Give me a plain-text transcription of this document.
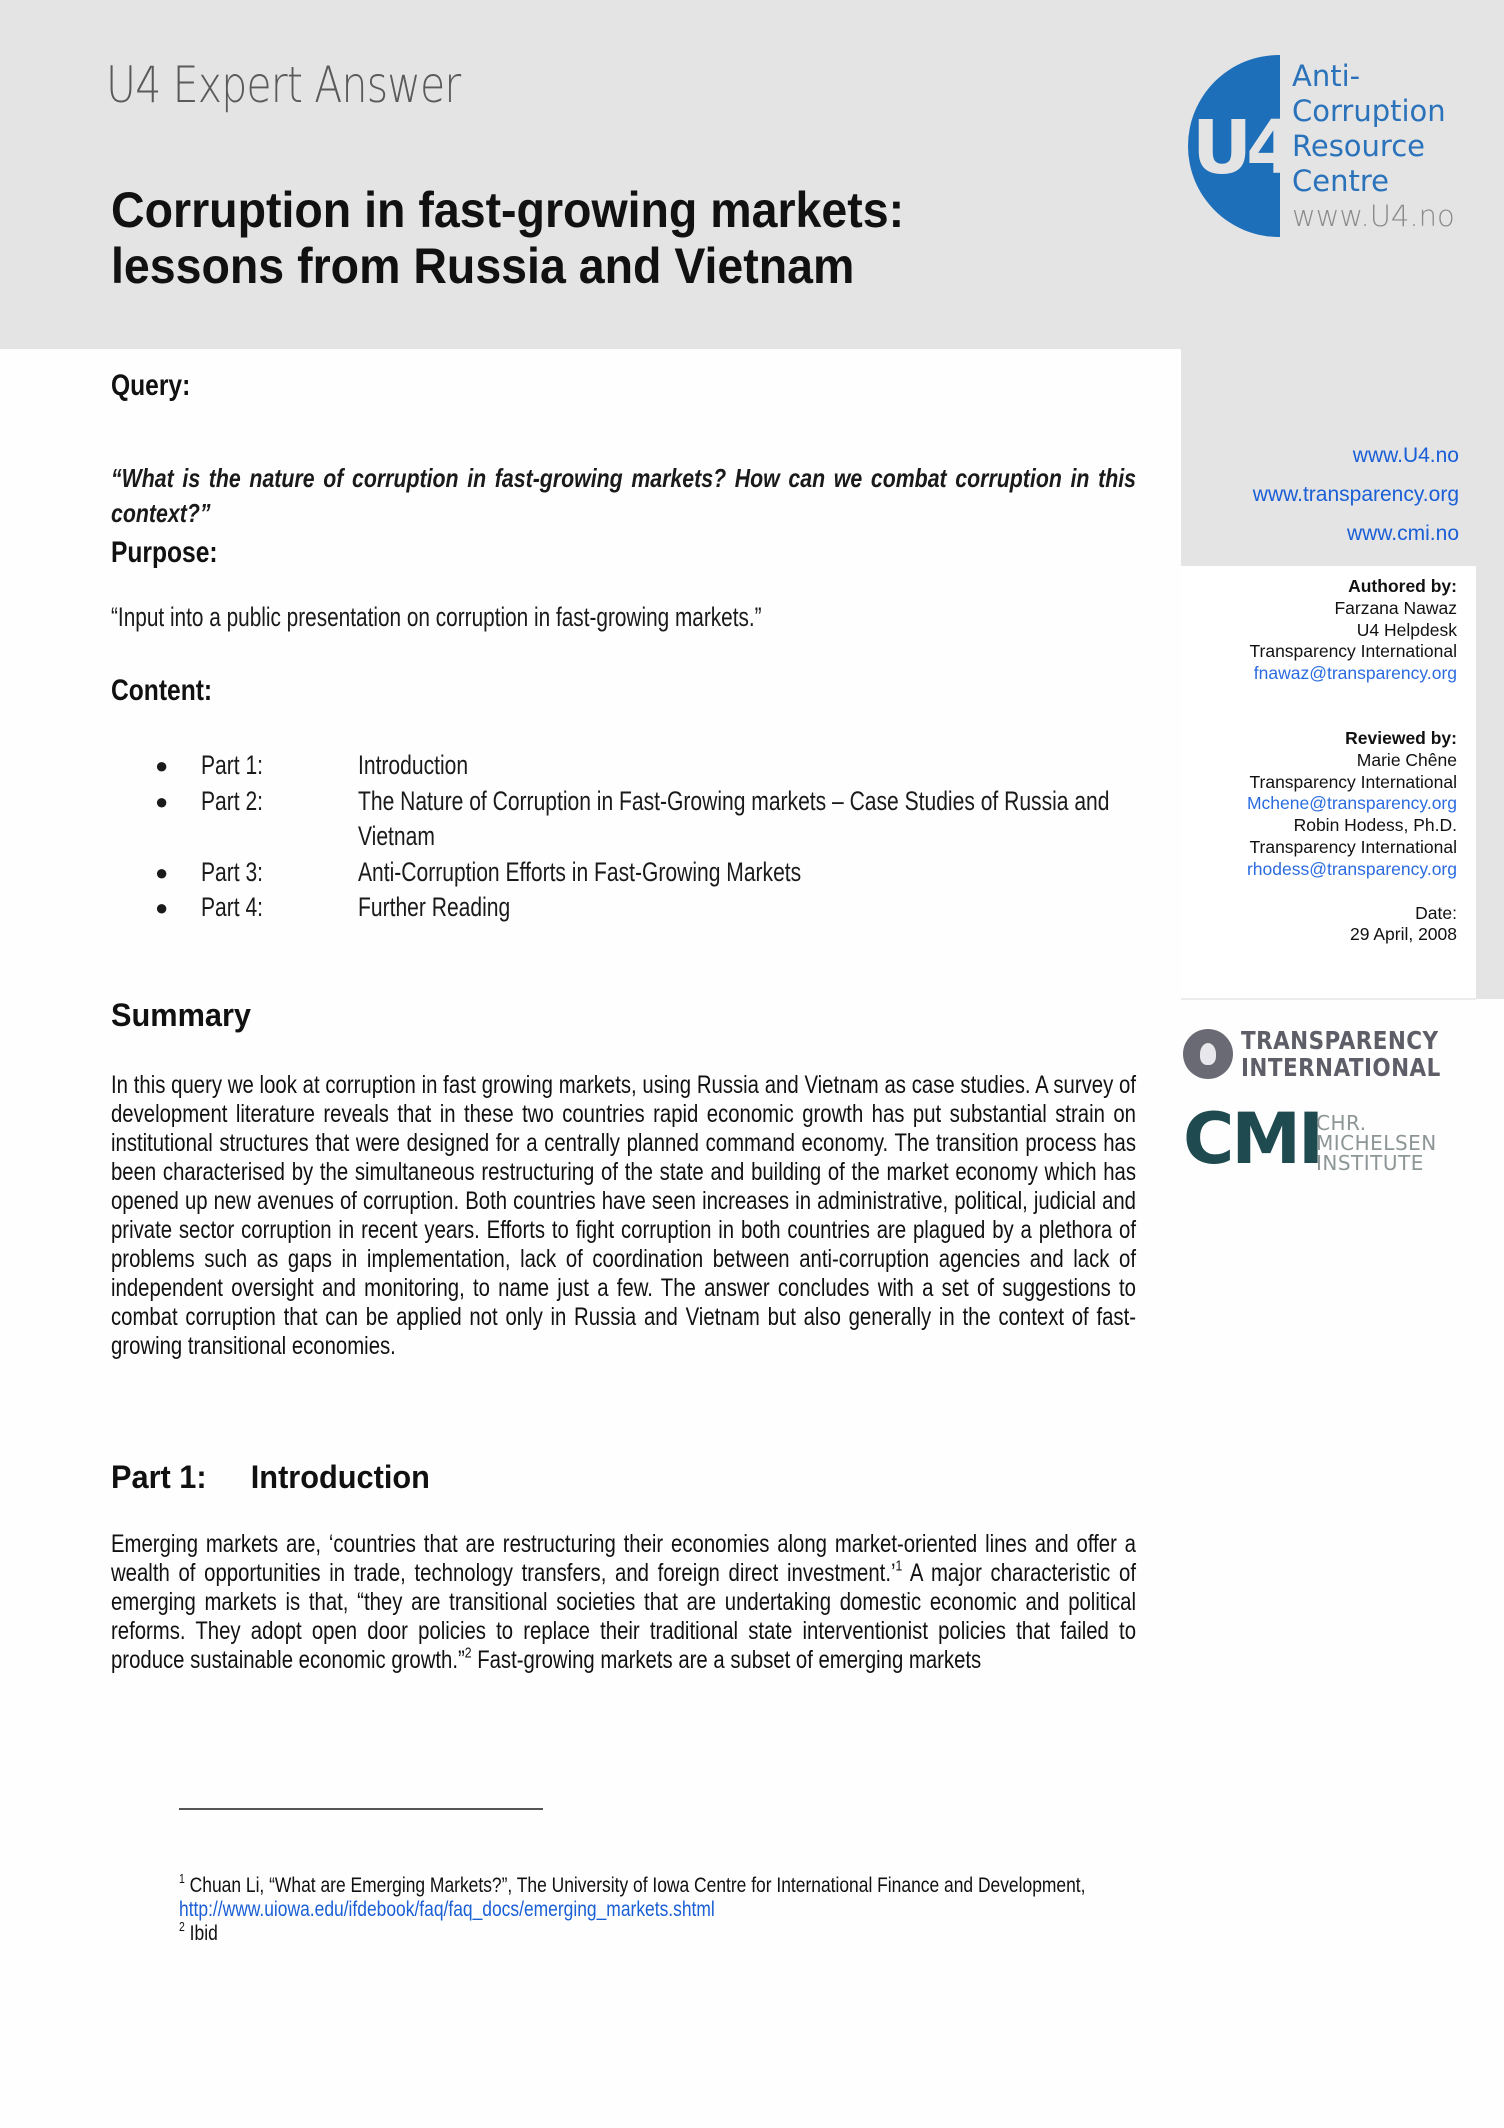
U4 Expert Answer
Corruption in fast-growing markets:
lessons from Russia and Vietnam
U4
Anti-
Corruption
Resource
Centre
www.U4.no
www.U4.no
www.transparency.org
www.cmi.no
Authored by:
Farzana Nawaz
U4 Helpdesk
Transparency International
fnawaz@transparency.org
Reviewed by:
Marie Chêne
Transparency International
Mchene@transparency.org
Robin Hodess, Ph.D.
Transparency International
rhodess@transparency.org
Date:
29 April, 2008
TRANSPARENCY
INTERNATIONAL
CMI
CHR.
MICHELSEN
INSTITUTE
Query:

“What is the nature of corruption in fast-growing markets? How can we combat corruption in this context?”

Purpose:
“Input into a public presentation on corruption in fast-growing markets.”
Content:
● Part 1:	Introduction
● Part 2:	The Nature of Corruption in Fast-Growing markets – Case Studies of Russia and Vietnam
● Part 3:	Anti-Corruption Efforts in Fast-Growing Markets
● Part 4:	Further Reading
Summary

In this query we look at corruption in fast growing markets, using Russia and Vietnam as case studies. A survey of development literature reveals that in these two countries rapid economic growth has put substantial strain on institutional structures that were designed for a centrally planned command economy. The transition process has been characterised by the simultaneous restructuring of the state and building of the market economy which has opened up new avenues of corruption. Both countries have seen increases in administrative, political, judicial and private sector corruption in recent years. Efforts to fight corruption in both countries are plagued by a plethora of problems such as gaps in implementation, lack of coordination between anti-corruption agencies and lack of independent oversight and monitoring, to name just a few. The answer concludes with a set of suggestions to combat corruption that can be applied not only in Russia and Vietnam but also generally in the context of fast-growing transitional economies.

Part 1: Introduction

Emerging markets are, ‘countries that are restructuring their economies along market-oriented lines and offer a wealth of opportunities in trade, technology transfers, and foreign direct investment.’$^1$ A major characteristic of emerging markets is that, “they are transitional societies that are undertaking domestic economic and political reforms. They adopt open door policies to replace their traditional state interventionist policies that failed to produce sustainable economic growth.”$^2$ Fast-growing markets are a subset of emerging markets

$^1$ Chuan Li, “What are Emerging Markets?”, The University of Iowa Centre for International Finance and Development, http://www.uiowa.edu/ifdebook/faq/faq_docs/emerging_markets.shtml
$^2$ Ibid
